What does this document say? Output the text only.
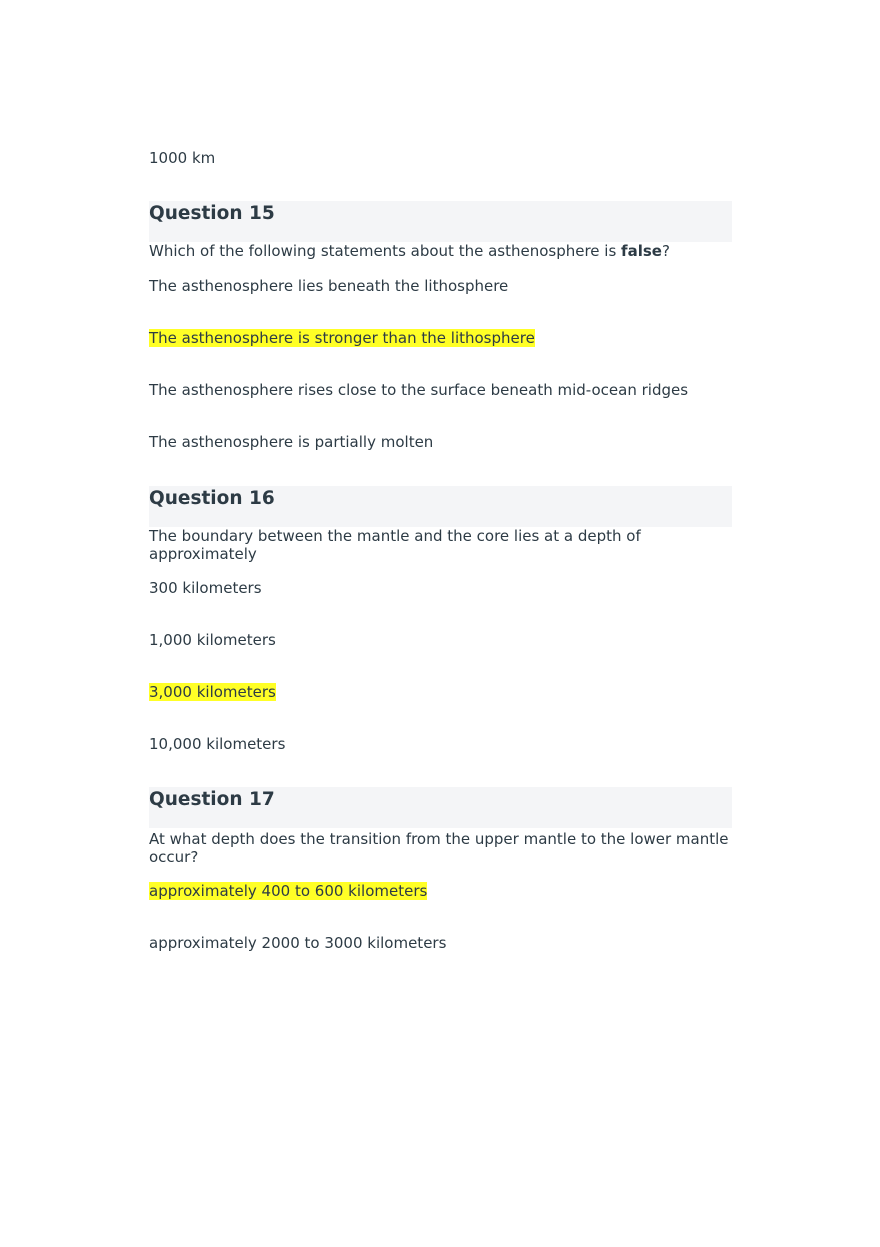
1000 km
Question 15
Which of the following statements about the asthenosphere is false?
The asthenosphere lies beneath the lithosphere
The asthenosphere is stronger than the lithosphere
The asthenosphere rises close to the surface beneath mid-ocean ridges
The asthenosphere is partially molten
Question 16
The boundary between the mantle and the core lies at a depth of approximately
300 kilometers
1,000 kilometers
3,000 kilometers
10,000 kilometers
Question 17
At what depth does the transition from the upper mantle to the lower mantle occur?
approximately 400 to 600 kilometers
approximately 2000 to 3000 kilometers
